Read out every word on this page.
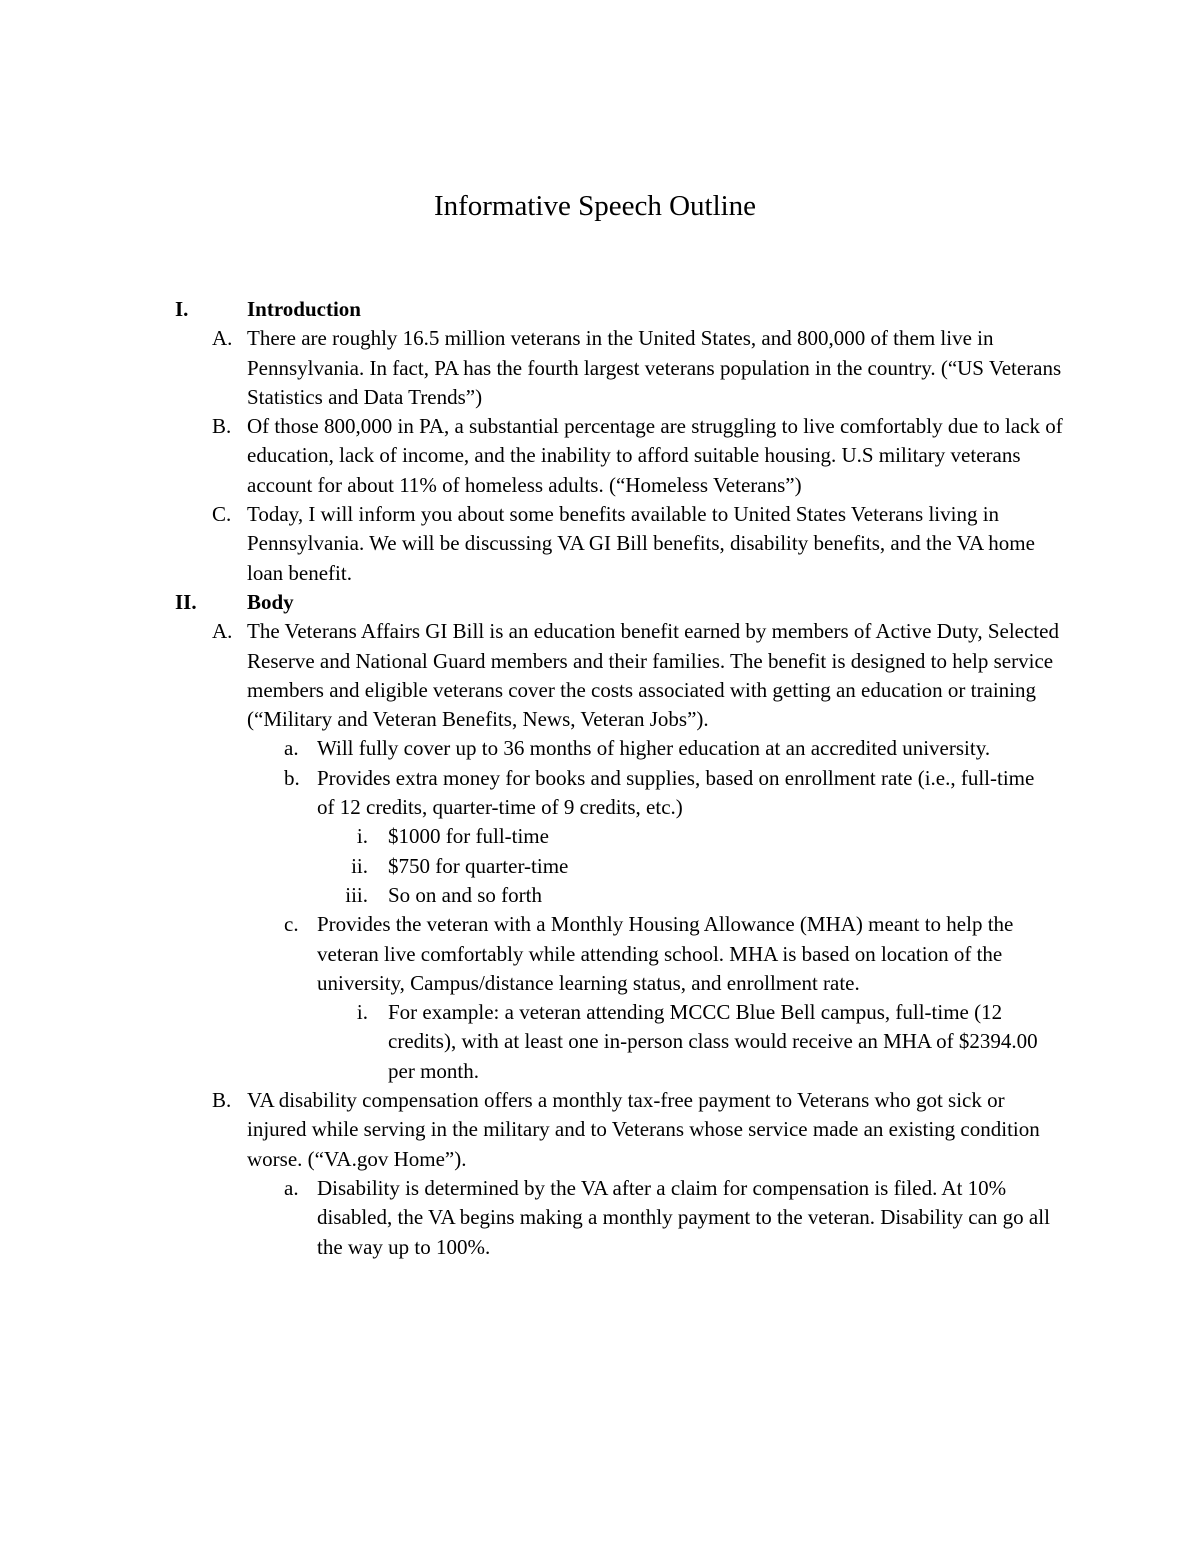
Informative Speech Outline
I.	Introduction
A. There are roughly 16.5 million veterans in the United States, and 800,000 of them live in Pennsylvania. In fact, PA has the fourth largest veterans population in the country. (“US Veterans Statistics and Data Trends”)
B. Of those 800,000 in PA, a substantial percentage are struggling to live comfortably due to lack of education, lack of income, and the inability to afford suitable housing. U.S military veterans account for about 11% of homeless adults. (“Homeless Veterans”)
C. Today, I will inform you about some benefits available to United States Veterans living in Pennsylvania. We will be discussing VA GI Bill benefits, disability benefits, and the VA home loan benefit.
II. Body
A. The Veterans Affairs GI Bill is an education benefit earned by members of Active Duty, Selected Reserve and National Guard members and their families. The benefit is designed to help service members and eligible veterans cover the costs associated with getting an education or training (“Military and Veteran Benefits, News, Veteran Jobs”).
a. Will fully cover up to 36 months of higher education at an accredited university.
b. Provides extra money for books and supplies, based on enrollment rate (i.e., full-time of 12 credits, quarter-time of 9 credits, etc.)
i. $1000 for full-time
ii. $750 for quarter-time
iii. So on and so forth
c. Provides the veteran with a Monthly Housing Allowance (MHA) meant to help the veteran live comfortably while attending school. MHA is based on location of the university, Campus/distance learning status, and enrollment rate.
i. For example: a veteran attending MCCC Blue Bell campus, full-time (12 credits), with at least one in-person class would receive an MHA of $2394.00 per month.
B. VA disability compensation offers a monthly tax-free payment to Veterans who got sick or injured while serving in the military and to Veterans whose service made an existing condition worse. (“VA.gov Home”).
a. Disability is determined by the VA after a claim for compensation is filed. At 10% disabled, the VA begins making a monthly payment to the veteran. Disability can go all the way up to 100%.
